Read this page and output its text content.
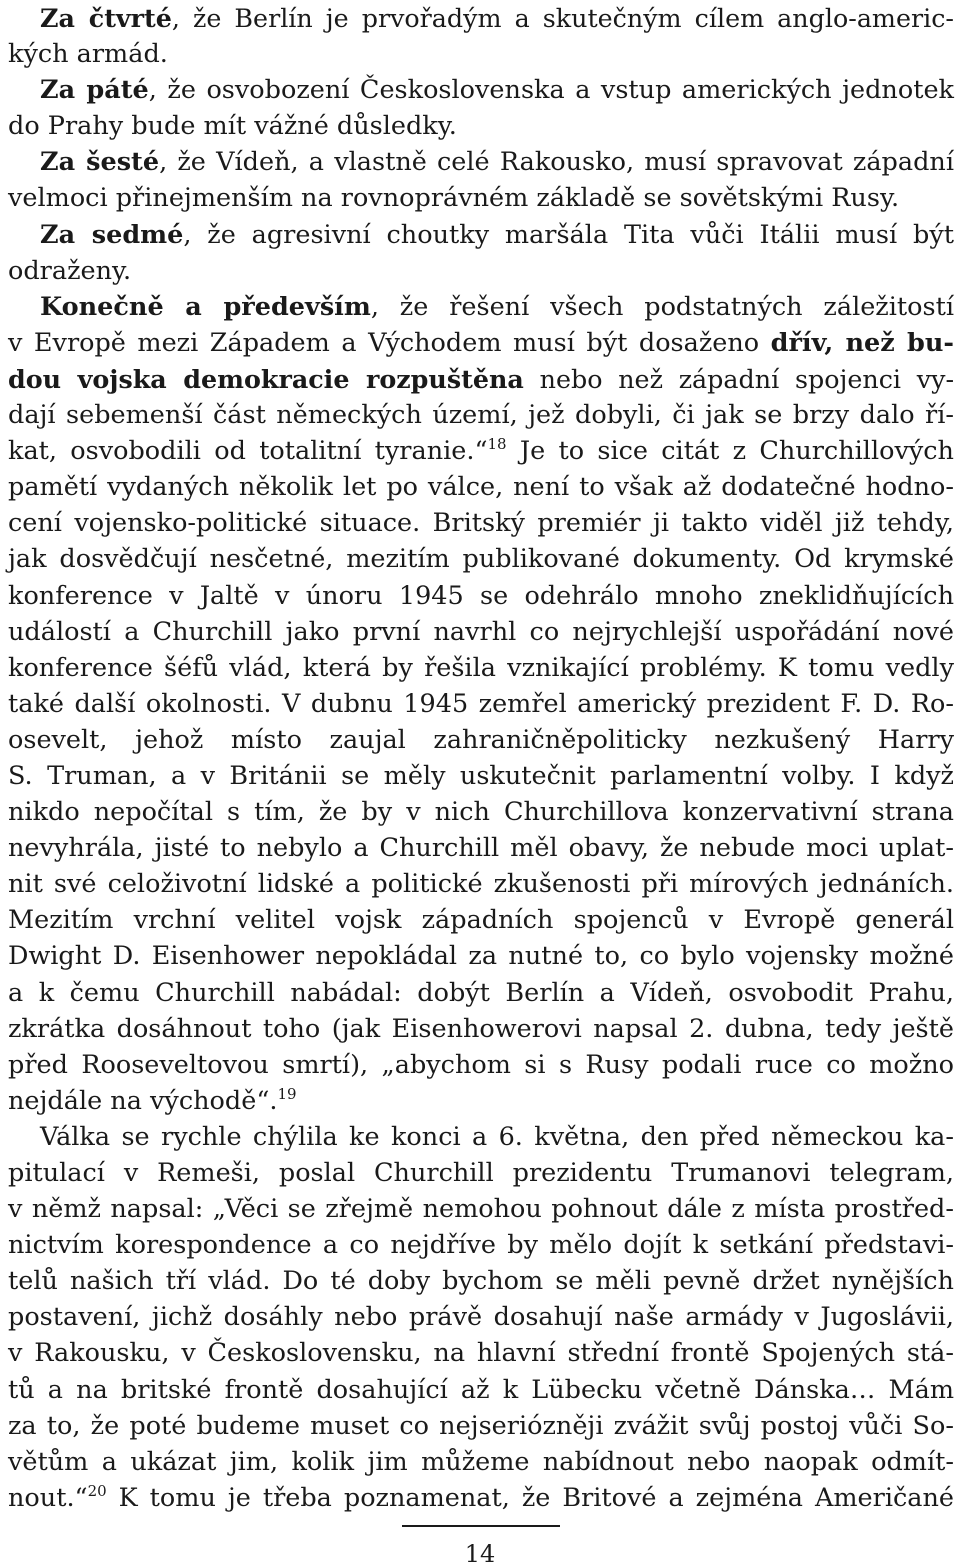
Za čtvrté, že Berlín je prvořadým a skutečným cílem anglo-americ-
kých armád.
Za páté, že osvobození Československa a vstup amerických jednotek
do Prahy bude mít vážné důsledky.
Za šesté, že Vídeň, a vlastně celé Rakousko, musí spravovat západní
velmoci přinejmenším na rovnoprávném základě se sovětskými Rusy.
Za sedmé, že agresivní choutky maršála Tita vůči Itálii musí být
odraženy.
Konečně a především, že řešení všech podstatných záležitostí
v Evropě mezi Západem a Východem musí být dosaženo dřív, než bu-
dou vojska demokracie rozpuštěna nebo než západní spojenci vy-
dají sebemenší část německých území, jež dobyli, či jak se brzy dalo ří-
kat, osvobodili od totalitní tyranie.“$^{18}$ Je to sice citát z Churchillových
pamětí vydaných několik let po válce, není to však až dodatečné hodno-
cení vojensko-politické situace. Britský premiér ji takto viděl již tehdy,
jak dosvědčují nesčetné, mezitím publikované dokumenty. Od krymské
konference v Jaltě v únoru 1945 se odehrálo mnoho zneklidňujících
událostí a Churchill jako první navrhl co nejrychlejší uspořádání nové
konference šéfů vlád, která by řešila vznikající problémy. K tomu vedly
také další okolnosti. V dubnu 1945 zemřel americký prezident F. D. Ro-
osevelt, jehož místo zaujal zahraničněpoliticky nezkušený Harry
S. Truman, a v Británii se měly uskutečnit parlamentní volby. I když
nikdo nepočítal s tím, že by v nich Churchillova konzervativní strana
nevyhrála, jisté to nebylo a Churchill měl obavy, že nebude moci uplat-
nit své celoživotní lidské a politické zkušenosti při mírových jednáních.
Mezitím vrchní velitel vojsk západních spojenců v Evropě generál
Dwight D. Eisenhower nepokládal za nutné to, co bylo vojensky možné
a k čemu Churchill nabádal: dobýt Berlín a Vídeň, osvobodit Prahu,
zkrátka dosáhnout toho (jak Eisenhowerovi napsal 2. dubna, tedy ještě
před Rooseveltovou smrtí), „abychom si s Rusy podali ruce co možno
nejdále na východě“.$^{19}$
Válka se rychle chýlila ke konci a 6. května, den před německou ka-
pitulací v Remeši, poslal Churchill prezidentu Trumanovi telegram,
v němž napsal: „Věci se zřejmě nemohou pohnout dále z místa prostřed-
nictvím korespondence a co nejdříve by mělo dojít k setkání představi-
telů našich tří vlád. Do té doby bychom se měli pevně držet nynějších
postavení, jichž dosáhly nebo právě dosahují naše armády v Jugoslávii,
v Rakousku, v Československu, na hlavní střední frontě Spojených stá-
tů a na britské frontě dosahující až k Lübecku včetně Dánska… Mám
za to, že poté budeme muset co nejseriózněji zvážit svůj postoj vůči So-
větům a ukázat jim, kolik jim můžeme nabídnout nebo naopak odmít-
nout.“$^{20}$ K tomu je třeba poznamenat, že Britové a zejména Američané
14
